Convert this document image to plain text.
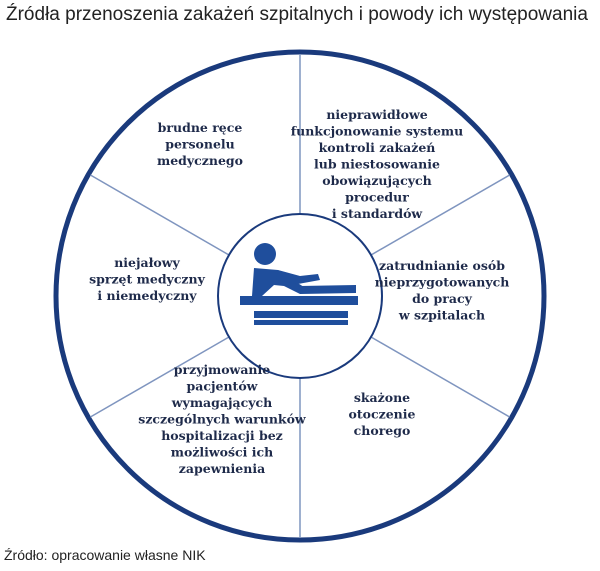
Źródła przenoszenia zakażeń szpitalnych i powody ich występowania
brudne ręce personelu medycznego
nieprawidłowe funkcjonowanie systemu kontroli zakażeń lub niestosowanie obowiązujących procedur i standardów
zatrudnianie osób nieprzygotowanych do pracy w szpitalach
skażone otoczenie chorego
przyjmowanie pacjentów wymagających szczególnych warunków hospitalizacji bez możliwości ich zapewnienia
niejałowy sprzęt medyczny i niemedyczny
Źródło: opracowanie własne NIK
